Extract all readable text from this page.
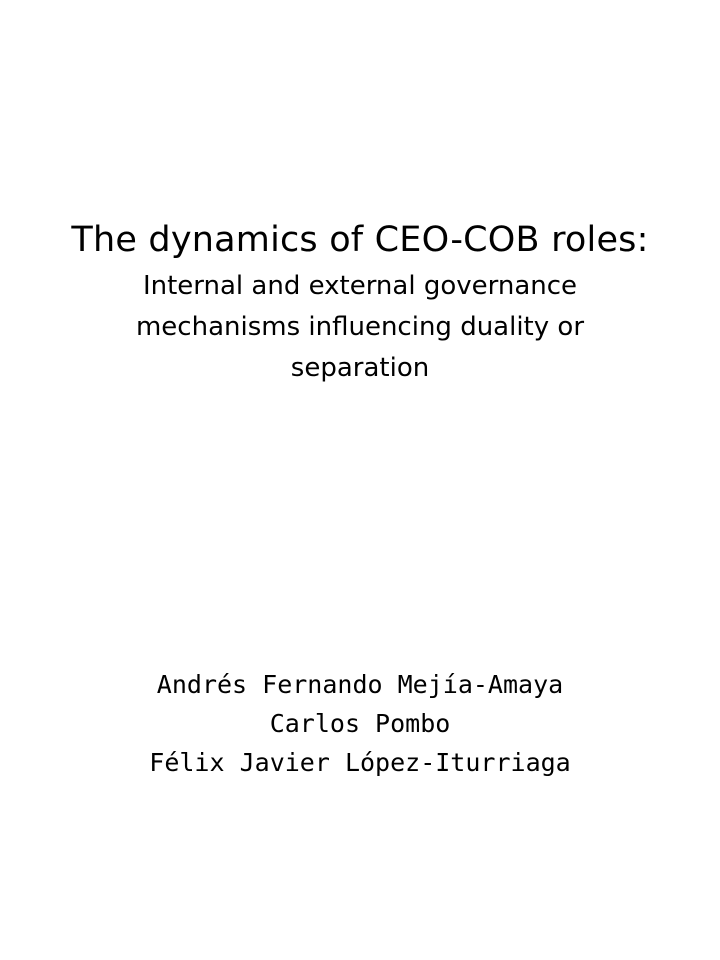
The dynamics of CEO-COB roles:
Internal and external governance mechanisms influencing duality or separation
Andrés Fernando Mejía-Amaya
Carlos Pombo
Félix Javier López-Iturriaga
